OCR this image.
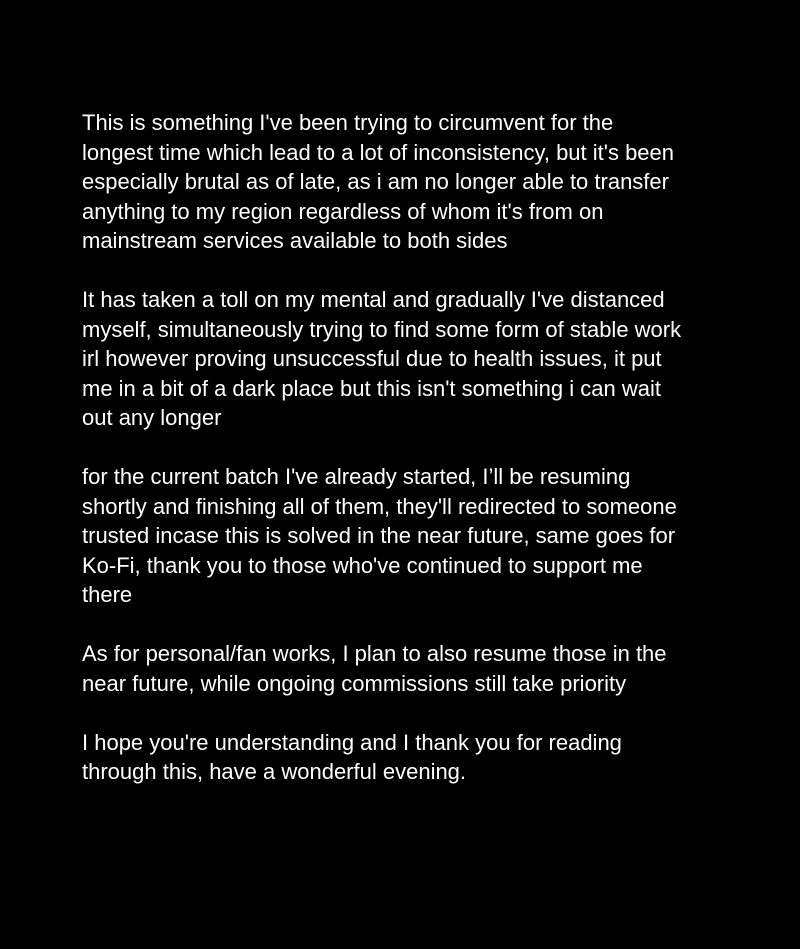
This is something I've been trying to circumvent for the
longest time which lead to a lot of inconsistency, but it's been
especially brutal as of late, as i am no longer able to transfer
anything to my region regardless of whom it's from on
mainstream services available to both sides

It has taken a toll on my mental and gradually I've distanced
myself, simultaneously trying to find some form of stable work
irl however proving unsuccessful due to health issues, it put
me in a bit of a dark place but this isn't something i can wait
out any longer

for the current batch I've already started, I’ll be resuming
shortly and finishing all of them, they'll redirected to someone
trusted incase this is solved in the near future, same goes for
Ko-Fi, thank you to those who've continued to support me
there

As for personal/fan works, I plan to also resume those in the
near future, while ongoing commissions still take priority

I hope you're understanding and I thank you for reading
through this, have a wonderful evening.
